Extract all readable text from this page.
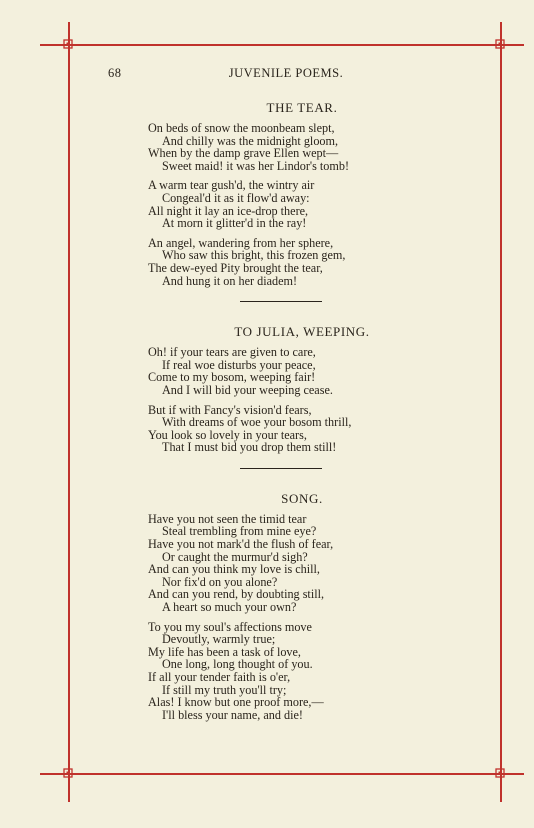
68	JUVENILE POEMS.
THE TEAR.
On beds of snow the moonbeam slept,
And chilly was the midnight gloom,
When by the damp grave Ellen wept—
Sweet maid! it was her Lindor's tomb!
A warm tear gush'd, the wintry air
Congeal'd it as it flow'd away:
All night it lay an ice-drop there,
At morn it glitter'd in the ray!
An angel, wandering from her sphere,
Who saw this bright, this frozen gem,
The dew-eyed Pity brought the tear,
And hung it on her diadem!
TO JULIA, WEEPING.
Oh! if your tears are given to care,
If real woe disturbs your peace,
Come to my bosom, weeping fair!
And I will bid your weeping cease.
But if with Fancy's vision'd fears,
With dreams of woe your bosom thrill,
You look so lovely in your tears,
That I must bid you drop them still!
SONG.
Have you not seen the timid tear
Steal trembling from mine eye?
Have you not mark'd the flush of fear,
Or caught the murmur'd sigh?
And can you think my love is chill,
Nor fix'd on you alone?
And can you rend, by doubting still,
A heart so much your own?
To you my soul's affections move
Devoutly, warmly true;
My life has been a task of love,
One long, long thought of you.
If all your tender faith is o'er,
If still my truth you'll try;
Alas! I know but one proof more,—
I'll bless your name, and die!
